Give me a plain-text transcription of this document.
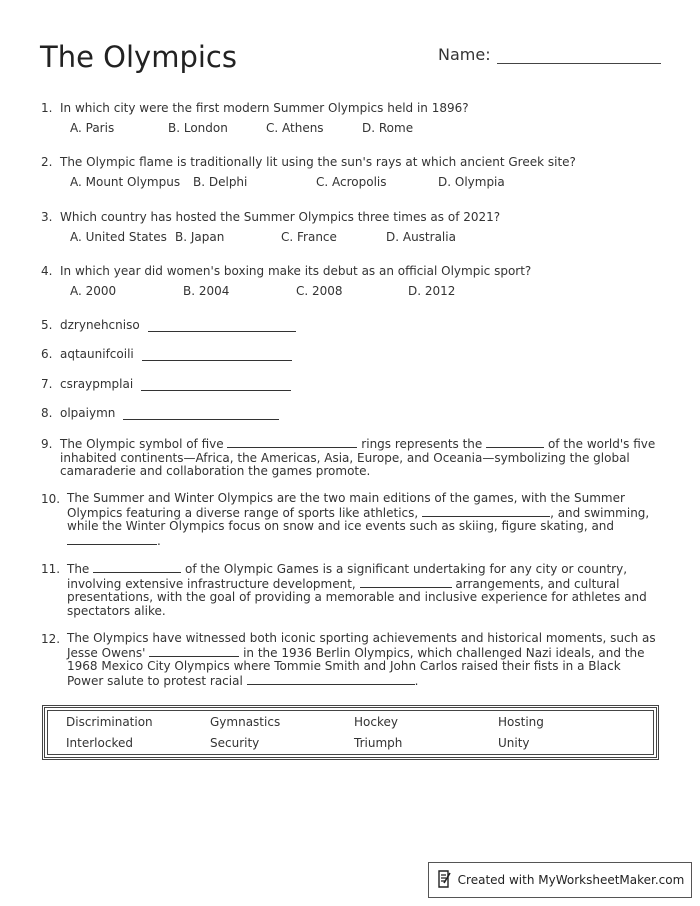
The Olympics	Name:
1. In which city were the first modern Summer Olympics held in 1896?
A. Paris	B. London	C. Athens	D. Rome
2. The Olympic flame is traditionally lit using the sun's rays at which ancient Greek site?
A. Mount Olympus B. Delphi	C. Acropolis	D. Olympia
3. Which country has hosted the Summer Olympics three times as of 2021?
A. United States B. Japan	C. France	D. Australia
4. In which year did women's boxing make its debut as an official Olympic sport?
A. 2000	B. 2004	C. 2008	D. 2012
5. dzrynehcniso
6. aqtaunifcoili
7. csraypmplai
8. olpaiymn
9. The Olympic symbol of five	rings represents the	of the world's five inhabited continents—Africa, the Americas, Asia, Europe, and Oceania—symbolizing the global camaraderie and collaboration the games promote.
10. The Summer and Winter Olympics are the two main editions of the games, with the Summer Olympics featuring a diverse range of sports like athletics,	, and swimming, while the Winter Olympics focus on snow and ice events such as skiing, figure skating, and .
11. The	of the Olympic Games is a significant undertaking for any city or country, involving extensive infrastructure development,	arrangements, and cultural presentations, with the goal of providing a memorable and inclusive experience for athletes and spectators alike.
12. The Olympics have witnessed both iconic sporting achievements and historical moments, such as Jesse Owens'	in the 1936 Berlin Olympics, which challenged Nazi ideals, and the 1968 Mexico City Olympics where Tommie Smith and John Carlos raised their fists in a Black Power salute to protest racial	.
Discrimination	Gymnastics	Hockey	Hosting
Interlocked	Security	Triumph	Unity
Created with MyWorksheetMaker.com
